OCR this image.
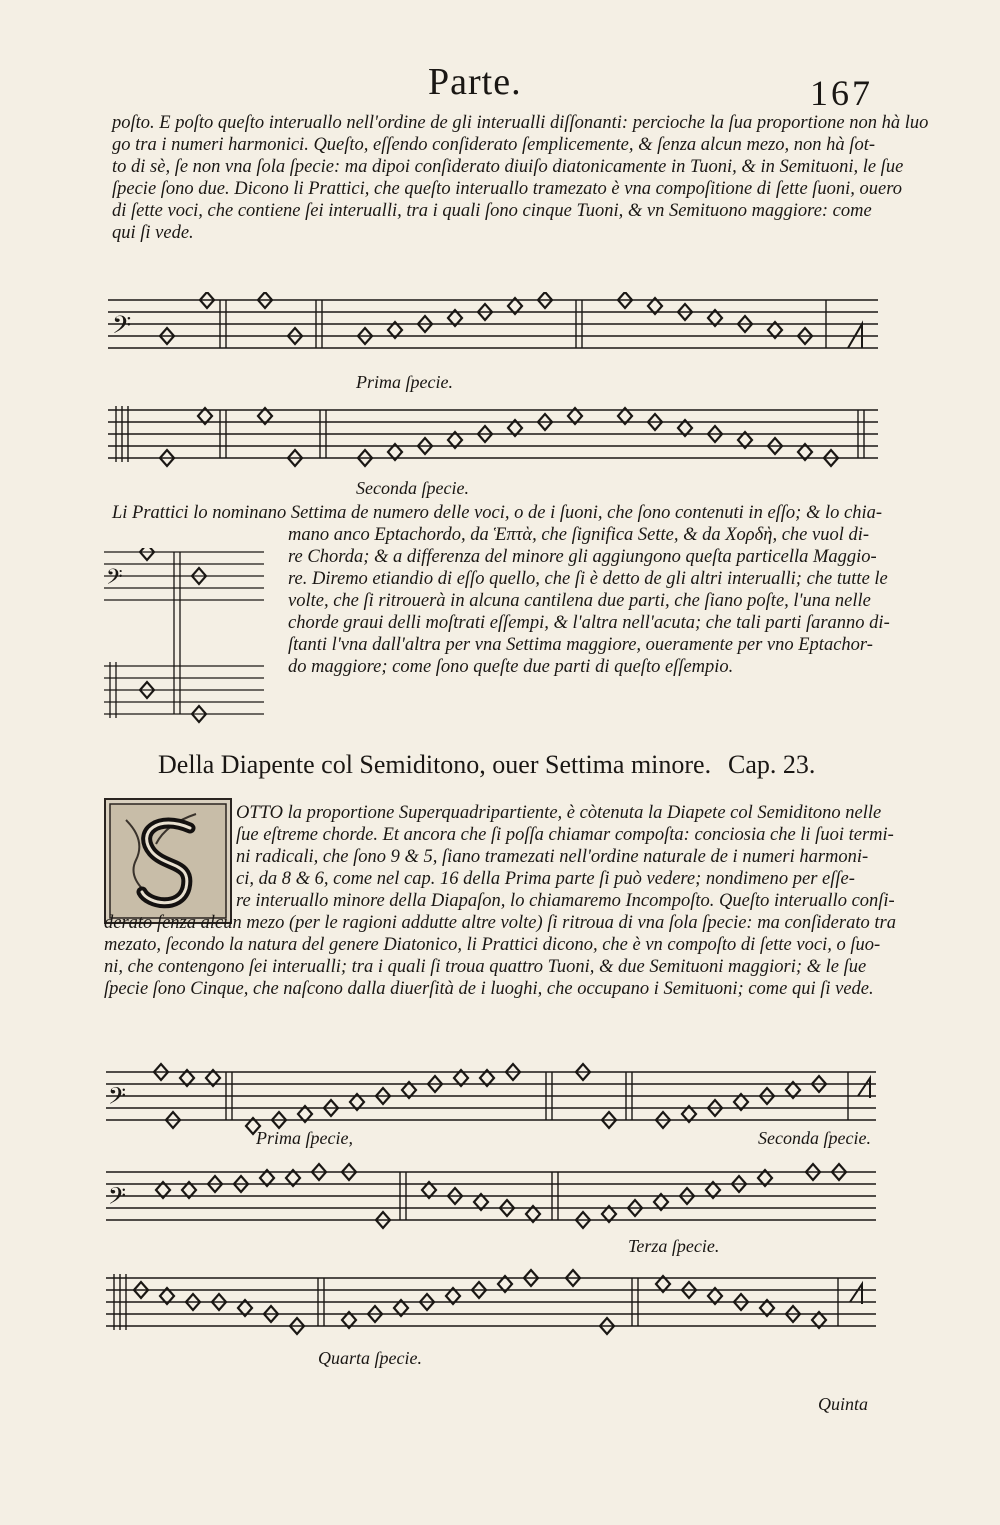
Parte.	167

poſto. E poſto queſto interuallo nell'ordine de gli interualli diſſonanti: percioche la ſua proportione non hà luo

go tra i numeri harmonici. Queſto, eſſendo conſiderato ſemplicemente, & ſenza alcun mezo, non hà ſot-

to di sè, ſe non vna ſola ſpecie: ma dipoi conſiderato diuiſo diatonicamente in Tuoni, & in Semituoni, le ſue

ſpecie ſono due. Dicono li Prattici, che queſto interuallo tramezato è vna compoſitione di ſette ſuoni, ouero

di ſette voci, che contiene ſei interualli, tra i quali ſono cinque Tuoni, & vn Semituono maggiore: come

qui ſi vede.

𝄢
Prima ſpecie.
Seconda ſpecie.

Li Prattici lo nominano Settima de numero delle voci, o de i ſuoni, che ſono contenuti in eſſo; & lo chia-

mano anco Eptachordo, da Ἑπτὰ, che ſignifica Sette, & da Χορδὴ, che vuol di-

re Chorda; & a differenza del minore gli aggiungono queſta particella Maggio-

re. Diremo etiandio di eſſo quello, che ſi è detto de gli altri interualli; che tutte le

volte, che ſi ritrouerà in alcuna cantilena due parti, che ſiano poſte, l'una nelle

chorde graui delli moſtrati eſſempi, & l'altra nell'acuta; che tali parti ſaranno di-

ſtanti l'vna dall'altra per vna Settima maggiore, oueramente per vno Eptachor-

do maggiore; come ſono queſte due parti di queſto eſſempio.

𝄢
Della Diapente col Semiditono, ouer Settima minore. Cap. 23.

OTTO la proportione Superquadripartiente, è còtenuta la Diapete col Semiditono nelle

ſue eſtreme chorde. Et ancora che ſi poſſa chiamar compoſta: conciosia che li ſuoi termi-

ni radicali, che ſono 9 & 5, ſiano tramezati nell'ordine naturale de i numeri harmoni-

ci, da 8 & 6, come nel cap. 16 della Prima parte ſi può vedere; nondimeno per eſſe-

re interuallo minore della Diapaſon, lo chiamaremo Incompoſto. Queſto interuallo conſi-

derato ſenza alcun mezo (per le ragioni addutte altre volte) ſi ritroua di vna ſola ſpecie: ma conſiderato tra

mezato, ſecondo la natura del genere Diatonico, li Prattici dicono, che è vn compoſto di ſette voci, o ſuo-

ni, che contengono ſei interualli; tra i quali ſi troua quattro Tuoni, & due Semituoni maggiori; & le ſue

ſpecie ſono Cinque, che naſcono dalla diuerſità de i luoghi, che occupano i Semituoni; come qui ſi vede.

𝄢
Prima ſpecie,	Seconda ſpecie.
𝄢
Terza ſpecie.
Quarta ſpecie.
Quinta
